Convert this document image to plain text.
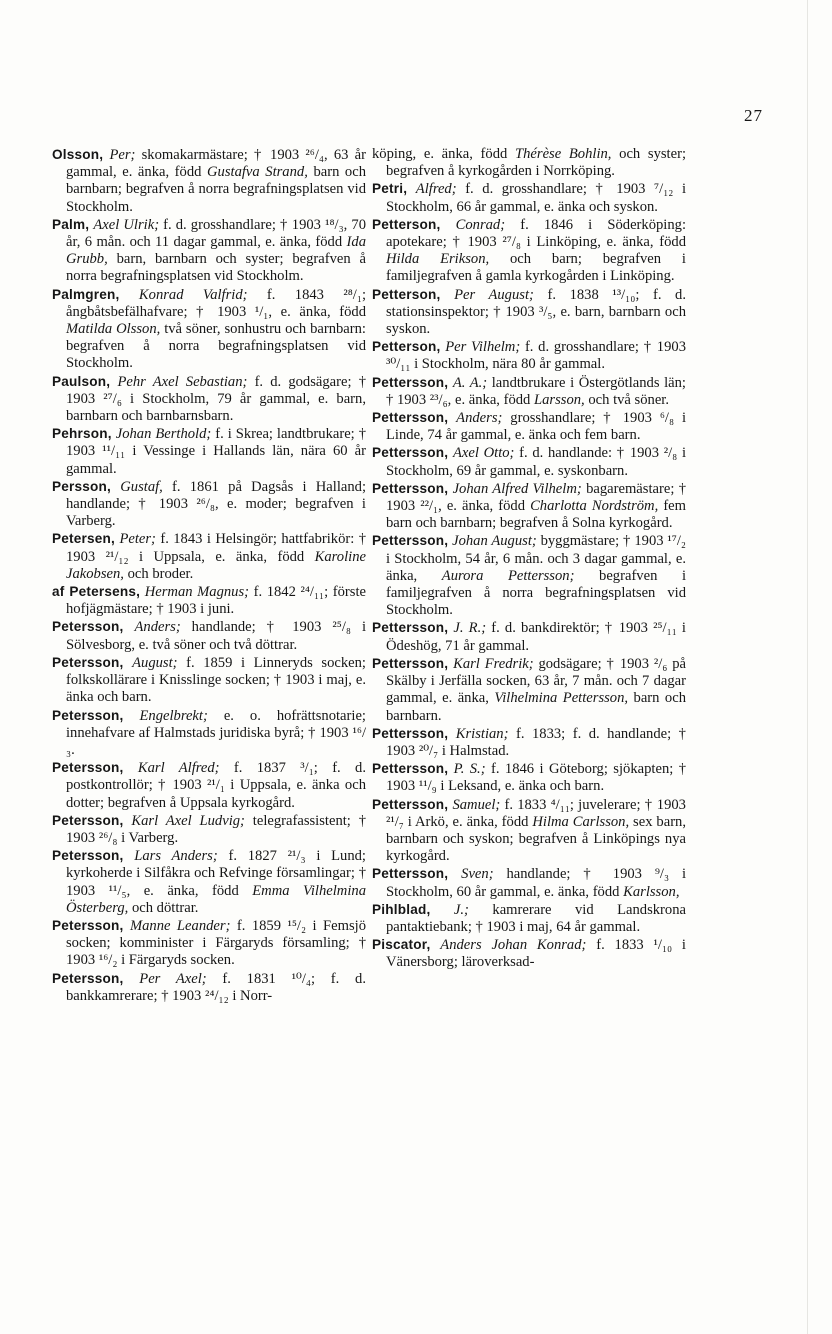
27

Olsson, Per; skomakarmästare; † 1903 ²⁶/₄, 63 år gammal, e. änka, född Gustafva Strand, barn och barnbarn; begrafven å norra begrafningsplatsen vid Stockholm.

Palm, Axel Ulrik; f. d. grosshandlare; † 1903 ¹⁸/₃, 70 år, 6 mån. och 11 dagar gammal, e. änka, född Ida Grubb, barn, barnbarn och syster; begrafven å norra begrafningsplatsen vid Stockholm.

Palmgren, Konrad Valfrid; f. 1843 ²⁸/₁; ångbåtsbefälhafvare; † 1903 ¹/₁, e. änka, född Matilda Olsson, två söner, sonhustru och barnbarn: begrafven å norra begrafningsplatsen vid Stockholm.

Paulson, Pehr Axel Sebastian; f. d. godsägare; † 1903 ²⁷/₆ i Stockholm, 79 år gammal, e. barn, barnbarn och barnbarnsbarn.

Pehrson, Johan Berthold; f. i Skrea; landtbrukare; † 1903 ¹¹/₁₁ i Vessinge i Hallands län, nära 60 år gammal.

Persson, Gustaf, f. 1861 på Dagsås i Halland; handlande; † 1903 ²⁶/₈, e. moder; begrafven i Varberg.

Petersen, Peter; f. 1843 i Helsingör; hattfabrikör: † 1903 ²¹/₁₂ i Uppsala, e. änka, född Karoline Jakobsen, och broder.

af Petersens, Herman Magnus; f. 1842 ²⁴/₁₁; förste hofjägmästare; † 1903 i juni.

Petersson, Anders; handlande; † 1903 ²⁵/₈ i Sölvesborg, e. två söner och två döttrar.

Petersson, August; f. 1859 i Linneryds socken; folkskollärare i Knisslinge socken; † 1903 i maj, e. änka och barn.

Petersson, Engelbrekt; e. o. hofrättsnotarie; innehafvare af Halmstads juridiska byrå; † 1903 ¹⁶/₃.

Petersson, Karl Alfred; f. 1837 ³/₁; f. d. postkontrollör; † 1903 ²¹/₁ i Uppsala, e. änka och dotter; begrafven å Uppsala kyrkogård.

Petersson, Karl Axel Ludvig; telegrafassistent; † 1903 ²⁶/₈ i Varberg.

Petersson, Lars Anders; f. 1827 ²¹/₃ i Lund; kyrkoherde i Silfåkra och Refvinge församlingar; † 1903 ¹¹/₅, e. änka, född Emma Vilhelmina Österberg, och döttrar.

Petersson, Manne Leander; f. 1859 ¹⁵/₂ i Femsjö socken; komminister i Färgaryds församling; † 1903 ¹⁶/₂ i Färgaryds socken.

Petersson, Per Axel; f. 1831 ¹⁰/₄; f. d. bankkamrerare; † 1903 ²⁴/₁₂ i Norr-

köping, e. änka, född Thérèse Bohlin, och syster; begrafven å kyrkogården i Norrköping.

Petri, Alfred; f. d. grosshandlare; † 1903 ⁷/₁₂ i Stockholm, 66 år gammal, e. änka och syskon.

Petterson, Conrad; f. 1846 i Söderköping: apotekare; † 1903 ²⁷/₈ i Linköping, e. änka, född Hilda Erikson, och barn; begrafven i familjegrafven å gamla kyrkogården i Linköping.

Petterson, Per August; f. 1838 ¹³/₁₀; f. d. stationsinspektor; † 1903 ³/₅, e. barn, barnbarn och syskon.

Petterson, Per Vilhelm; f. d. grosshandlare; † 1903 ³⁰/₁₁ i Stockholm, nära 80 år gammal.

Pettersson, A. A.; landtbrukare i Östergötlands län; † 1903 ²³/₆, e. änka, född Larsson, och två söner.

Pettersson, Anders; grosshandlare; † 1903 ⁶/₈ i Linde, 74 år gammal, e. änka och fem barn.

Pettersson, Axel Otto; f. d. handlande: † 1903 ²/₈ i Stockholm, 69 år gammal, e. syskonbarn.

Pettersson, Johan Alfred Vilhelm; bagaremästare; † 1903 ²²/₁, e. änka, född Charlotta Nordström, fem barn och barnbarn; begrafven å Solna kyrkogård.

Pettersson, Johan August; byggmästare; † 1903 ¹⁷/₂ i Stockholm, 54 år, 6 mån. och 3 dagar gammal, e. änka, Aurora Pettersson; begrafven i familjegrafven å norra begrafningsplatsen vid Stockholm.

Pettersson, J. R.; f. d. bankdirektör; † 1903 ²⁵/₁₁ i Ödeshög, 71 år gammal.

Pettersson, Karl Fredrik; godsägare; † 1903 ²/₆ på Skälby i Jerfälla socken, 63 år, 7 mån. och 7 dagar gammal, e. änka, Vilhelmina Pettersson, barn och barnbarn.

Pettersson, Kristian; f. 1833; f. d. handlande; † 1903 ²⁰/₇ i Halmstad.

Pettersson, P. S.; f. 1846 i Göteborg; sjökapten; † 1903 ¹¹/₉ i Leksand, e. änka och barn.

Pettersson, Samuel; f. 1833 ⁴/₁₁; juvelerare; † 1903 ²¹/₇ i Arkö, e. änka, född Hilma Carlsson, sex barn, barnbarn och syskon; begrafven å Linköpings nya kyrkogård.

Pettersson, Sven; handlande; † 1903 ⁹/₃ i Stockholm, 60 år gammal, e. änka, född Karlsson,

Pihlblad, J.; kamrerare vid Landskrona pantaktiebank; † 1903 i maj, 64 år gammal.

Piscator, Anders Johan Konrad; f. 1833 ¹/₁₀ i Vänersborg; läroverksad-
